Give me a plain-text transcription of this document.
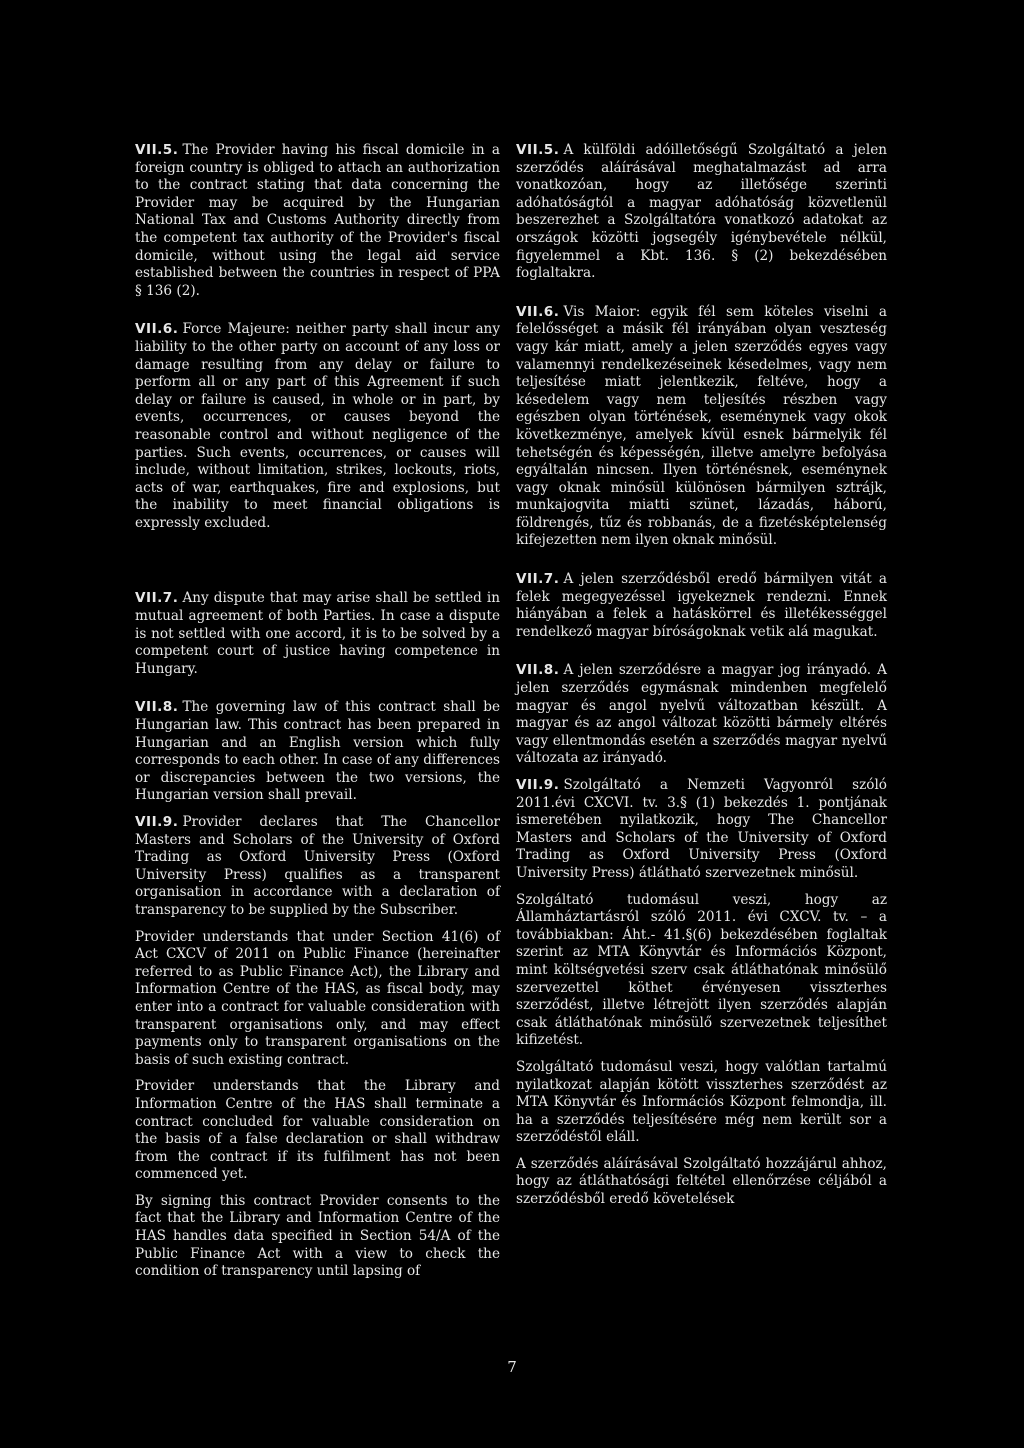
VII.5. The Provider having his fiscal domicile in a foreign country is obliged to attach an authorization to the contract stating that data concerning the Provider may be acquired by the Hungarian National Tax and Customs Authority directly from the competent tax authority of the Provider's fiscal domicile, without using the legal aid service established between the countries in respect of PPA § 136 (2).

VII.6. Force Majeure: neither party shall incur any liability to the other party on account of any loss or damage resulting from any delay or failure to perform all or any part of this Agreement if such delay or failure is caused, in whole or in part, by events, occurrences, or causes beyond the reasonable control and without negligence of the parties. Such events, occurrences, or causes will include, without limitation, strikes, lockouts, riots, acts of war, earthquakes, fire and explosions, but the inability to meet financial obligations is expressly excluded.

VII.7. Any dispute that may arise shall be settled in mutual agreement of both Parties. In case a dispute is not settled with one accord, it is to be solved by a competent court of justice having competence in Hungary.

VII.8. The governing law of this contract shall be Hungarian law. This contract has been prepared in Hungarian and an English version which fully corresponds to each other. In case of any differences or discrepancies between the two versions, the Hungarian version shall prevail.

VII.9. Provider declares that The Chancellor Masters and Scholars of the University of Oxford Trading as Oxford University Press (Oxford University Press) qualifies as a transparent organisation in accordance with a declaration of transparency to be supplied by the Subscriber.

Provider understands that under Section 41(6) of Act CXCV of 2011 on Public Finance (hereinafter referred to as Public Finance Act), the Library and Information Centre of the HAS, as fiscal body, may enter into a contract for valuable consideration with transparent organisations only, and may effect payments only to transparent organisations on the basis of such existing contract.

Provider understands that the Library and Information Centre of the HAS shall terminate a contract concluded for valuable consideration on the basis of a false declaration or shall withdraw from the contract if its fulfilment has not been commenced yet.

By signing this contract Provider consents to the fact that the Library and Information Centre of the HAS handles data specified in Section 54/A of the Public Finance Act with a view to check the condition of transparency until lapsing of

VII.5. A külföldi adóilletőségű Szolgáltató a jelen szerződés aláírásával meghatalmazást ad arra vonatkozóan, hogy az illetősége szerinti adóhatóságtól a magyar adóhatóság közvetlenül beszerezhet a Szolgáltatóra vonatkozó adatokat az országok közötti jogsegély igénybevétele nélkül, figyelemmel a Kbt. 136. § (2) bekezdésében foglaltakra.

VII.6. Vis Maior: egyik fél sem köteles viselni a felelősséget a másik fél irányában olyan veszteség vagy kár miatt, amely a jelen szerződés egyes vagy valamennyi rendelkezéseinek késedelmes, vagy nem teljesítése miatt jelentkezik, feltéve, hogy a késedelem vagy nem teljesítés részben vagy egészben olyan történések, eseménynek vagy okok következménye, amelyek kívül esnek bármelyik fél tehetségén és képességén, illetve amelyre befolyása egyáltalán nincsen. Ilyen történésnek, eseménynek vagy oknak minősül különösen bármilyen sztrájk, munkajogvita miatti szünet, lázadás, háború, földrengés, tűz és robbanás, de a fizetésképtelenség kifejezetten nem ilyen oknak minősül.

VII.7. A jelen szerződésből eredő bármilyen vitát a felek megegyezéssel igyekeznek rendezni. Ennek hiányában a felek a hatáskörrel és illetékességgel rendelkező magyar bíróságoknak vetik alá magukat.

VII.8. A jelen szerződésre a magyar jog irányadó. A jelen szerződés egymásnak mindenben megfelelő magyar és angol nyelvű változatban készült. A magyar és az angol változat közötti bármely eltérés vagy ellentmondás esetén a szerződés magyar nyelvű változata az irányadó.

VII.9. Szolgáltató a Nemzeti Vagyonról szóló 2011.évi CXCVI. tv. 3.§ (1) bekezdés 1. pontjának ismeretében nyilatkozik, hogy The Chancellor Masters and Scholars of the University of Oxford Trading as Oxford University Press (Oxford University Press) átlátható szervezetnek minősül.

Szolgáltató tudomásul veszi, hogy az Államháztartásról szóló 2011. évi CXCV. tv. – a továbbiakban: Áht.- 41.§(6) bekezdésében foglaltak szerint az MTA Könyvtár és Információs Központ, mint költségvetési szerv csak átláthatónak minősülő szervezettel köthet érvényesen visszterhes szerződést, illetve létrejött ilyen szerződés alapján csak átláthatónak minősülő szervezetnek teljesíthet kifizetést.

Szolgáltató tudomásul veszi, hogy valótlan tartalmú nyilatkozat alapján kötött visszterhes szerződést az MTA Könyvtár és Információs Központ felmondja, ill. ha a szerződés teljesítésére még nem került sor a szerződéstől eláll.

A szerződés aláírásával Szolgáltató hozzájárul ahhoz, hogy az átláthatósági feltétel ellenőrzése céljából a szerződésből eredő követelések

7
